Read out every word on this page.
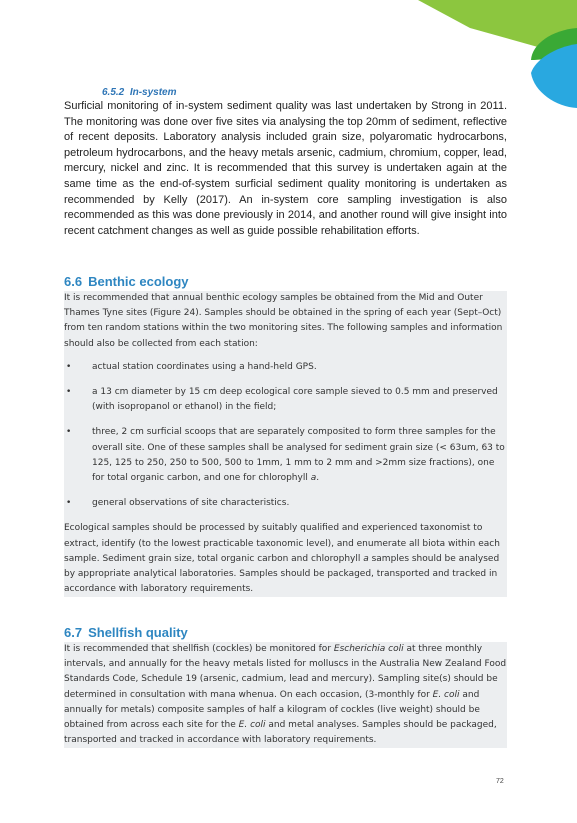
6.5.2 In-system

Surficial monitoring of in-system sediment quality was last undertaken by Strong in 2011. The monitoring was done over five sites via analysing the top 20mm of sediment, reflective of recent deposits. Laboratory analysis included grain size, polyaromatic hydrocarbons, petroleum hydrocarbons, and the heavy metals arsenic, cadmium, chromium, copper, lead, mercury, nickel and zinc. It is recommended that this survey is undertaken again at the same time as the end-of-system surficial sediment quality monitoring is undertaken as recommended by Kelly (2017). An in-system core sampling investigation is also recommended as this was done previously in 2014, and another round will give insight into recent catchment changes as well as guide possible rehabilitation efforts.

6.6 Benthic ecology

It is recommended that annual benthic ecology samples be obtained from the Mid and Outer Thames Tyne sites (Figure 24). Samples should be obtained in the spring of each year (Sept–Oct) from ten random stations within the two monitoring sites. The following samples and information should also be collected from each station:

• actual station coordinates using a hand-held GPS.
• a 13 cm diameter by 15 cm deep ecological core sample sieved to 0.5 mm and preserved (with isopropanol or ethanol) in the field;
• three, 2 cm surficial scoops that are separately composited to form three samples for the overall site. One of these samples shall be analysed for sediment grain size (< 63um, 63 to 125, 125 to 250, 250 to 500, 500 to 1mm, 1 mm to 2 mm and >2mm size fractions), one for total organic carbon, and one for chlorophyll a.
• general observations of site characteristics.

Ecological samples should be processed by suitably qualified and experienced taxonomist to extract, identify (to the lowest practicable taxonomic level), and enumerate all biota within each sample. Sediment grain size, total organic carbon and chlorophyll a samples should be analysed by appropriate analytical laboratories. Samples should be packaged, transported and tracked in accordance with laboratory requirements.

6.7 Shellfish quality

It is recommended that shellfish (cockles) be monitored for Escherichia coli at three monthly intervals, and annually for the heavy metals listed for molluscs in the Australia New Zealand Food Standards Code, Schedule 19 (arsenic, cadmium, lead and mercury). Sampling site(s) should be determined in consultation with mana whenua. On each occasion, (3-monthly for E. coli and annually for metals) composite samples of half a kilogram of cockles (live weight) should be obtained from across each site for the E. coli and metal analyses. Samples should be packaged, transported and tracked in accordance with laboratory requirements.

72
